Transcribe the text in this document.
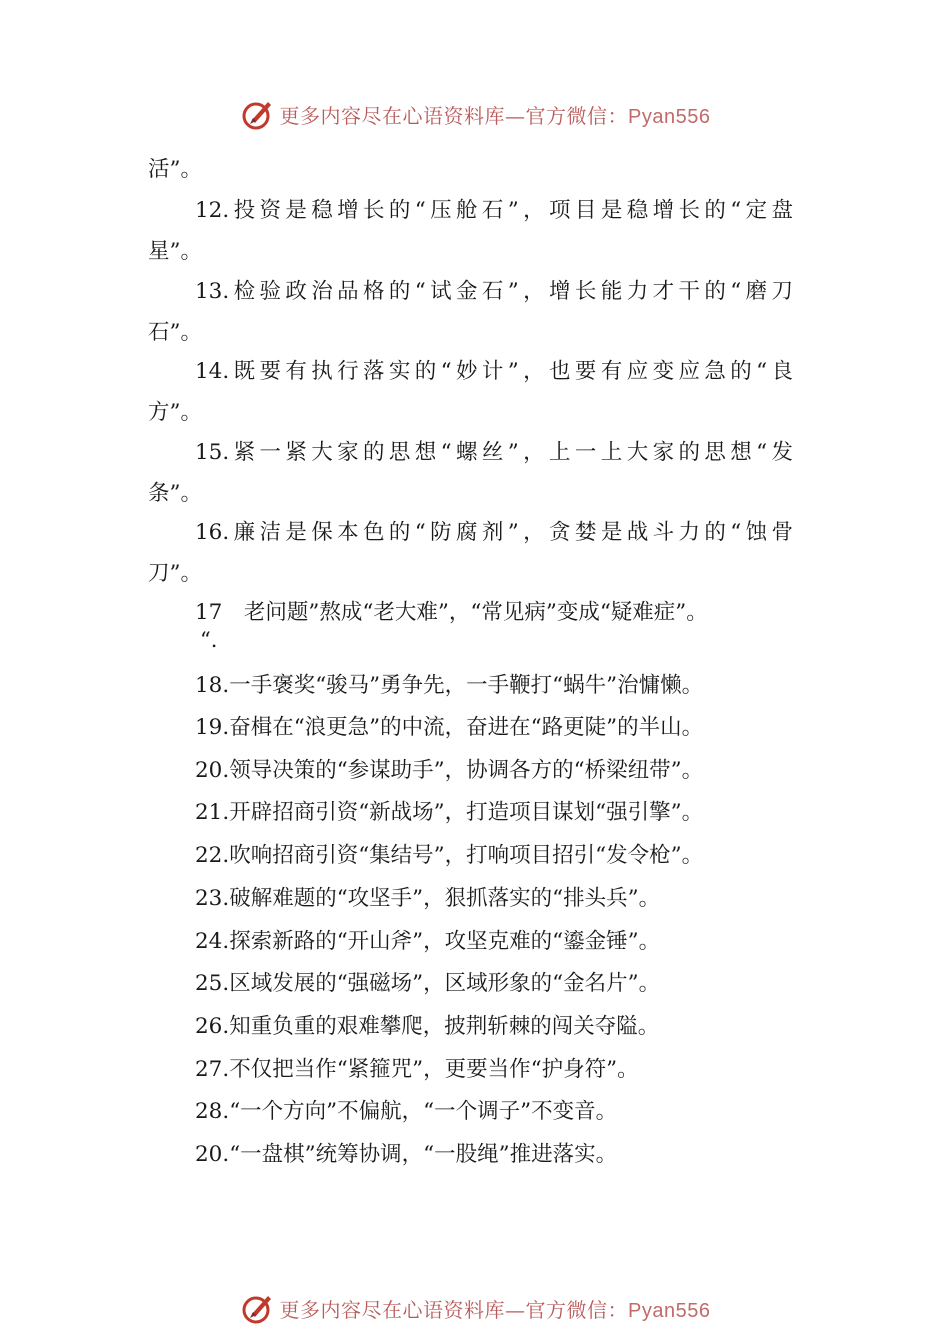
更多内容尽在心语资料库—官方微信：Pyan556
活”。
12.投资是稳增长的“压舱石”，项目是稳增长的“定盘
星”。
13.检验政治品格的“试金石”，增长能力才干的“磨刀
石”。
14.既要有执行落实的“妙计”，也要有应变应急的“良
方”。
15.紧一紧大家的思想“螺丝”，上一上大家的思想“发
条”。
16.廉洁是保本色的“防腐剂”，贪婪是战斗力的“蚀骨
刀”。
17　老问题”熬成“老大难”，“常见病”变成“疑难症”。
“.
18.一手褒奖“骏马”勇争先，一手鞭打“蜗牛”治慵懒。
19.奋楫在“浪更急”的中流，奋进在“路更陡”的半山。
20.领导决策的“参谋助手”，协调各方的“桥梁纽带”。
21.开辟招商引资“新战场”，打造项目谋划“强引擎”。
22.吹响招商引资“集结号”，打响项目招引“发令枪”。
23.破解难题的“攻坚手”，狠抓落实的“排头兵”。
24.探索新路的“开山斧”，攻坚克难的“鎏金锤”。
25.区域发展的“强磁场”，区域形象的“金名片”。
26.知重负重的艰难攀爬，披荆斩棘的闯关夺隘。
27.不仅把当作“紧箍咒”，更要当作“护身符”。
28.“一个方向”不偏航，“一个调子”不变音。
20.“一盘棋”统筹协调，“一股绳”推进落实。
更多内容尽在心语资料库—官方微信：Pyan556
